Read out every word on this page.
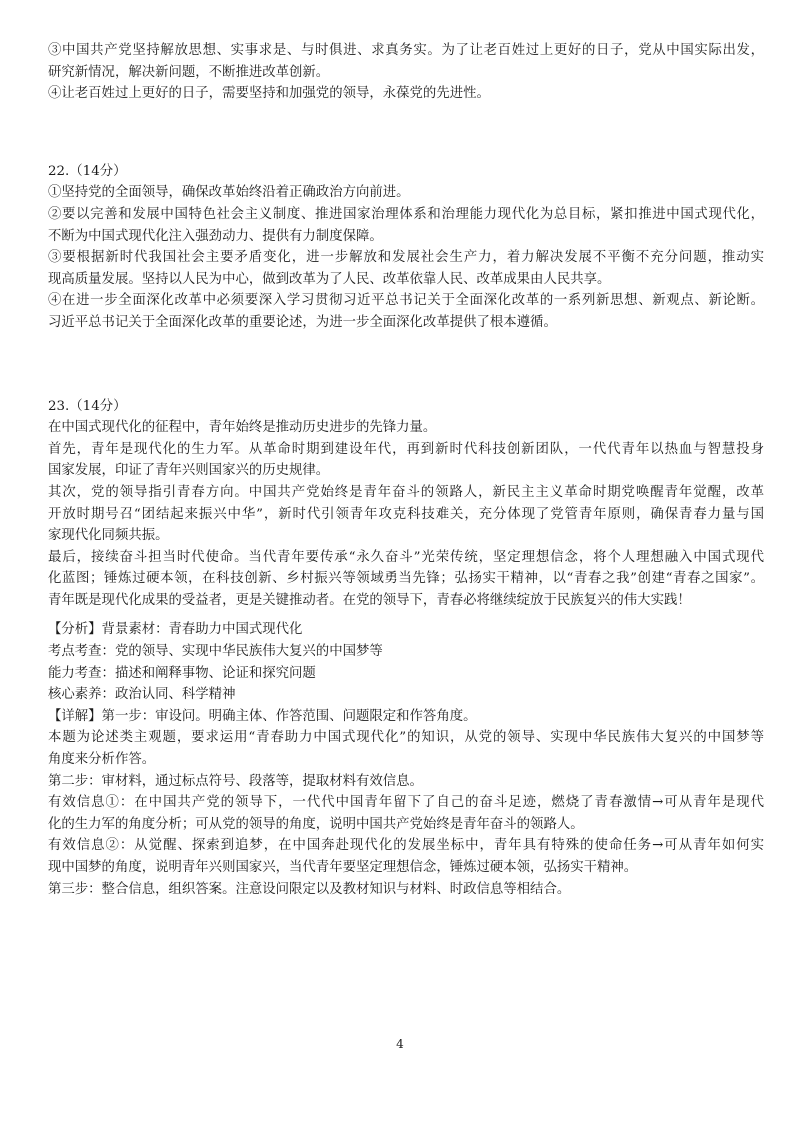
③中国共产党坚持解放思想、实事求是、与时俱进、求真务实。为了让老百姓过上更好的日子，党从中国实际出发，
研究新情况，解决新问题，不断推进改革创新。
④让老百姓过上更好的日子，需要坚持和加强党的领导，永葆党的先进性。
22.（14分）
①坚持党的全面领导，确保改革始终沿着正确政治方向前进。
②要以完善和发展中国特色社会主义制度、推进国家治理体系和治理能力现代化为总目标，紧扣推进中国式现代化，
不断为中国式现代化注入强劲动力、提供有力制度保障。
③要根据新时代我国社会主要矛盾变化，进一步解放和发展社会生产力，着力解决发展不平衡不充分问题，推动实
现高质量发展。坚持以人民为中心，做到改革为了人民、改革依靠人民、改革成果由人民共享。
④在进一步全面深化改革中必须要深入学习贯彻习近平总书记关于全面深化改革的一系列新思想、新观点、新论断。
习近平总书记关于全面深化改革的重要论述，为进一步全面深化改革提供了根本遵循。
23.（14分）
在中国式现代化的征程中，青年始终是推动历史进步的先锋力量。
首先，青年是现代化的生力军。从革命时期到建设年代，再到新时代科技创新团队，一代代青年以热血与智慧投身
国家发展，印证了青年兴则国家兴的历史规律。
其次，党的领导指引青春方向。中国共产党始终是青年奋斗的领路人，新民主主义革命时期党唤醒青年觉醒，改革
开放时期号召“团结起来振兴中华”，新时代引领青年攻克科技难关，充分体现了党管青年原则，确保青春力量与国
家现代化同频共振。
最后，接续奋斗担当时代使命。当代青年要传承“永久奋斗”光荣传统，坚定理想信念，将个人理想融入中国式现代
化蓝图；锤炼过硬本领，在科技创新、乡村振兴等领域勇当先锋；弘扬实干精神，以“青春之我”创建“青春之国家”。
青年既是现代化成果的受益者，更是关键推动者。在党的领导下，青春必将继续绽放于民族复兴的伟大实践！
【分析】背景素材：青春助力中国式现代化
考点考查：党的领导、实现中华民族伟大复兴的中国梦等
能力考查：描述和阐释事物、论证和探究问题
核心素养：政治认同、科学精神
【详解】第一步：审设问。明确主体、作答范围、问题限定和作答角度。
本题为论述类主观题，要求运用“青春助力中国式现代化”的知识，从党的领导、实现中华民族伟大复兴的中国梦等
角度来分析作答。
第二步：审材料，通过标点符号、段落等，提取材料有效信息。
有效信息①：在中国共产党的领导下，一代代中国青年留下了自己的奋斗足迹，燃烧了青春激情→可从青年是现代
化的生力军的角度分析；可从党的领导的角度，说明中国共产党始终是青年奋斗的领路人。
有效信息②：从觉醒、探索到追梦，在中国奔赴现代化的发展坐标中，青年具有特殊的使命任务→可从青年如何实
现中国梦的角度，说明青年兴则国家兴，当代青年要坚定理想信念，锤炼过硬本领，弘扬实干精神。
第三步：整合信息，组织答案。注意设问限定以及教材知识与材料、时政信息等相结合。
4
